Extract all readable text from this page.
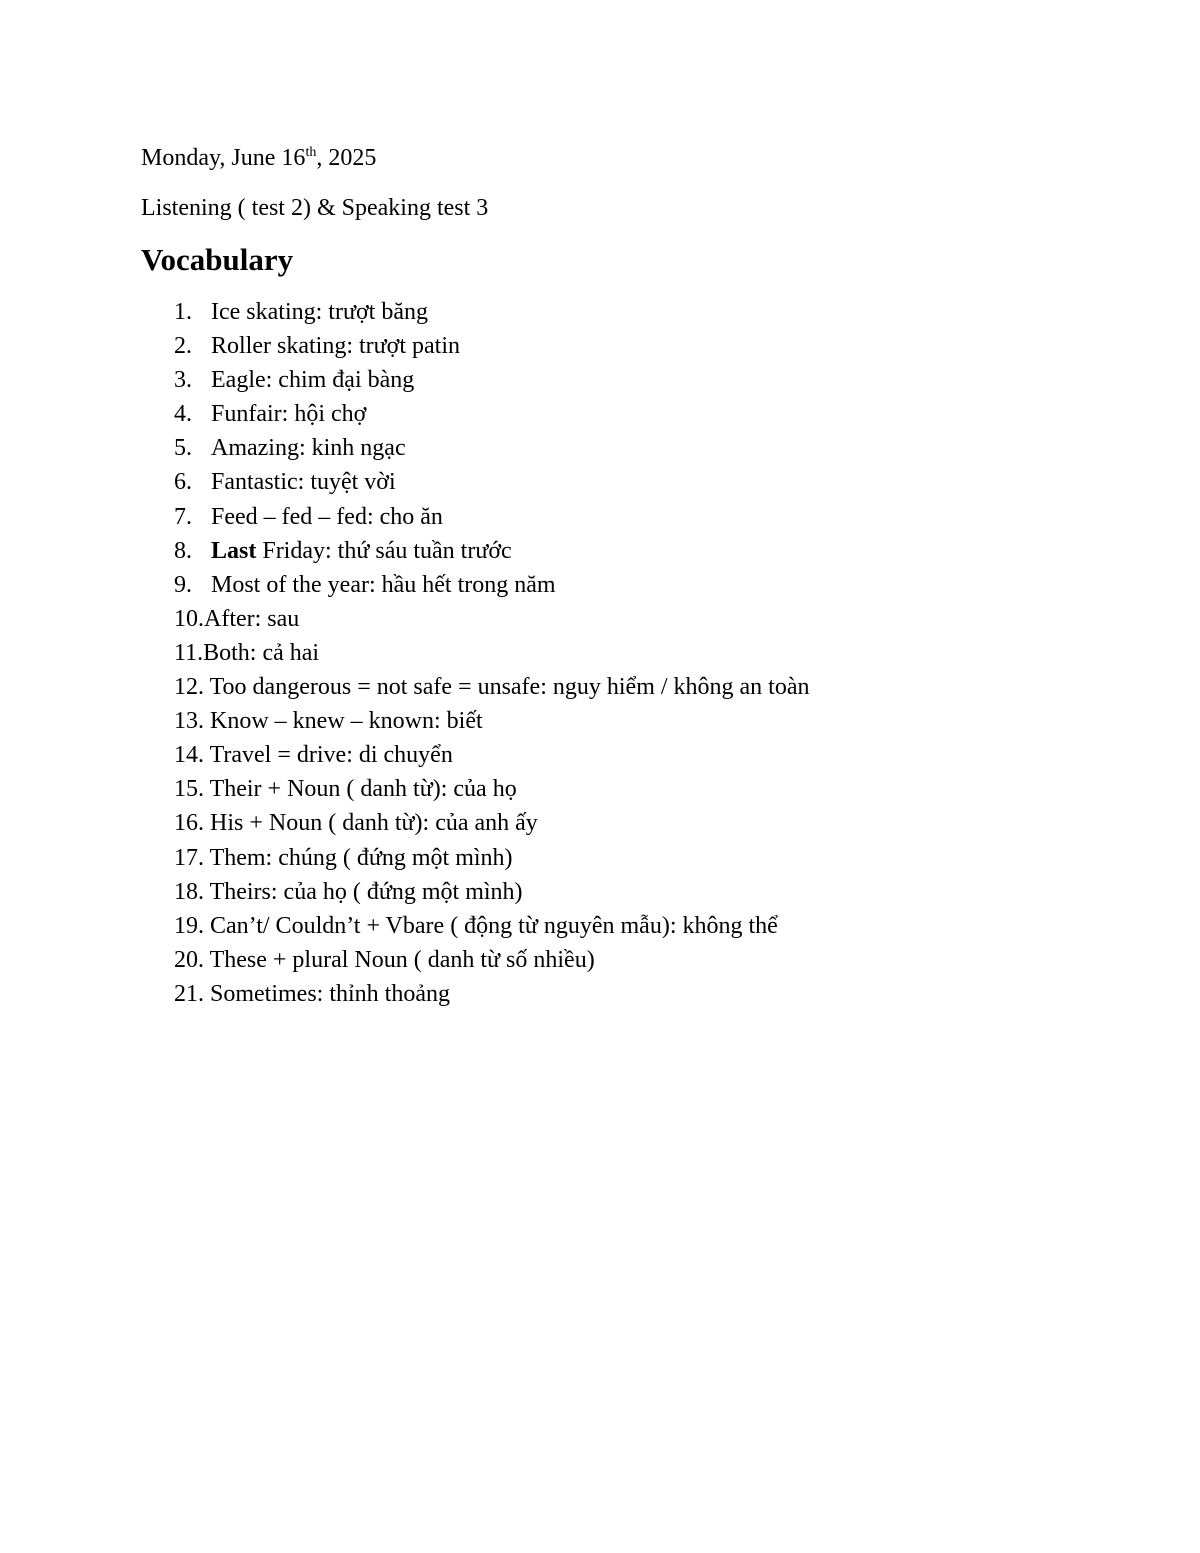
Monday, June 16th, 2025
Listening ( test 2) & Speaking test 3
Vocabulary
1. Ice skating: trượt băng
2. Roller skating: trượt patin
3. Eagle: chim đại bàng
4. Funfair: hội chợ
5. Amazing: kinh ngạc
6. Fantastic: tuyệt vời
7. Feed – fed – fed: cho ăn
8. Last Friday: thứ sáu tuần trước
9. Most of the year: hầu hết trong năm
10.After: sau
11.Both: cả hai
12. Too dangerous = not safe = unsafe: nguy hiểm / không an toàn
13. Know – knew – known: biết
14. Travel = drive: di chuyển
15. Their + Noun ( danh từ): của họ
16. His + Noun ( danh từ): của anh ấy
17. Them: chúng ( đứng một mình)
18. Theirs: của họ ( đứng một mình)
19. Can’t/ Couldn’t + Vbare ( động từ nguyên mẫu): không thể
20. These + plural Noun ( danh từ số nhiều)
21. Sometimes: thỉnh thoảng
